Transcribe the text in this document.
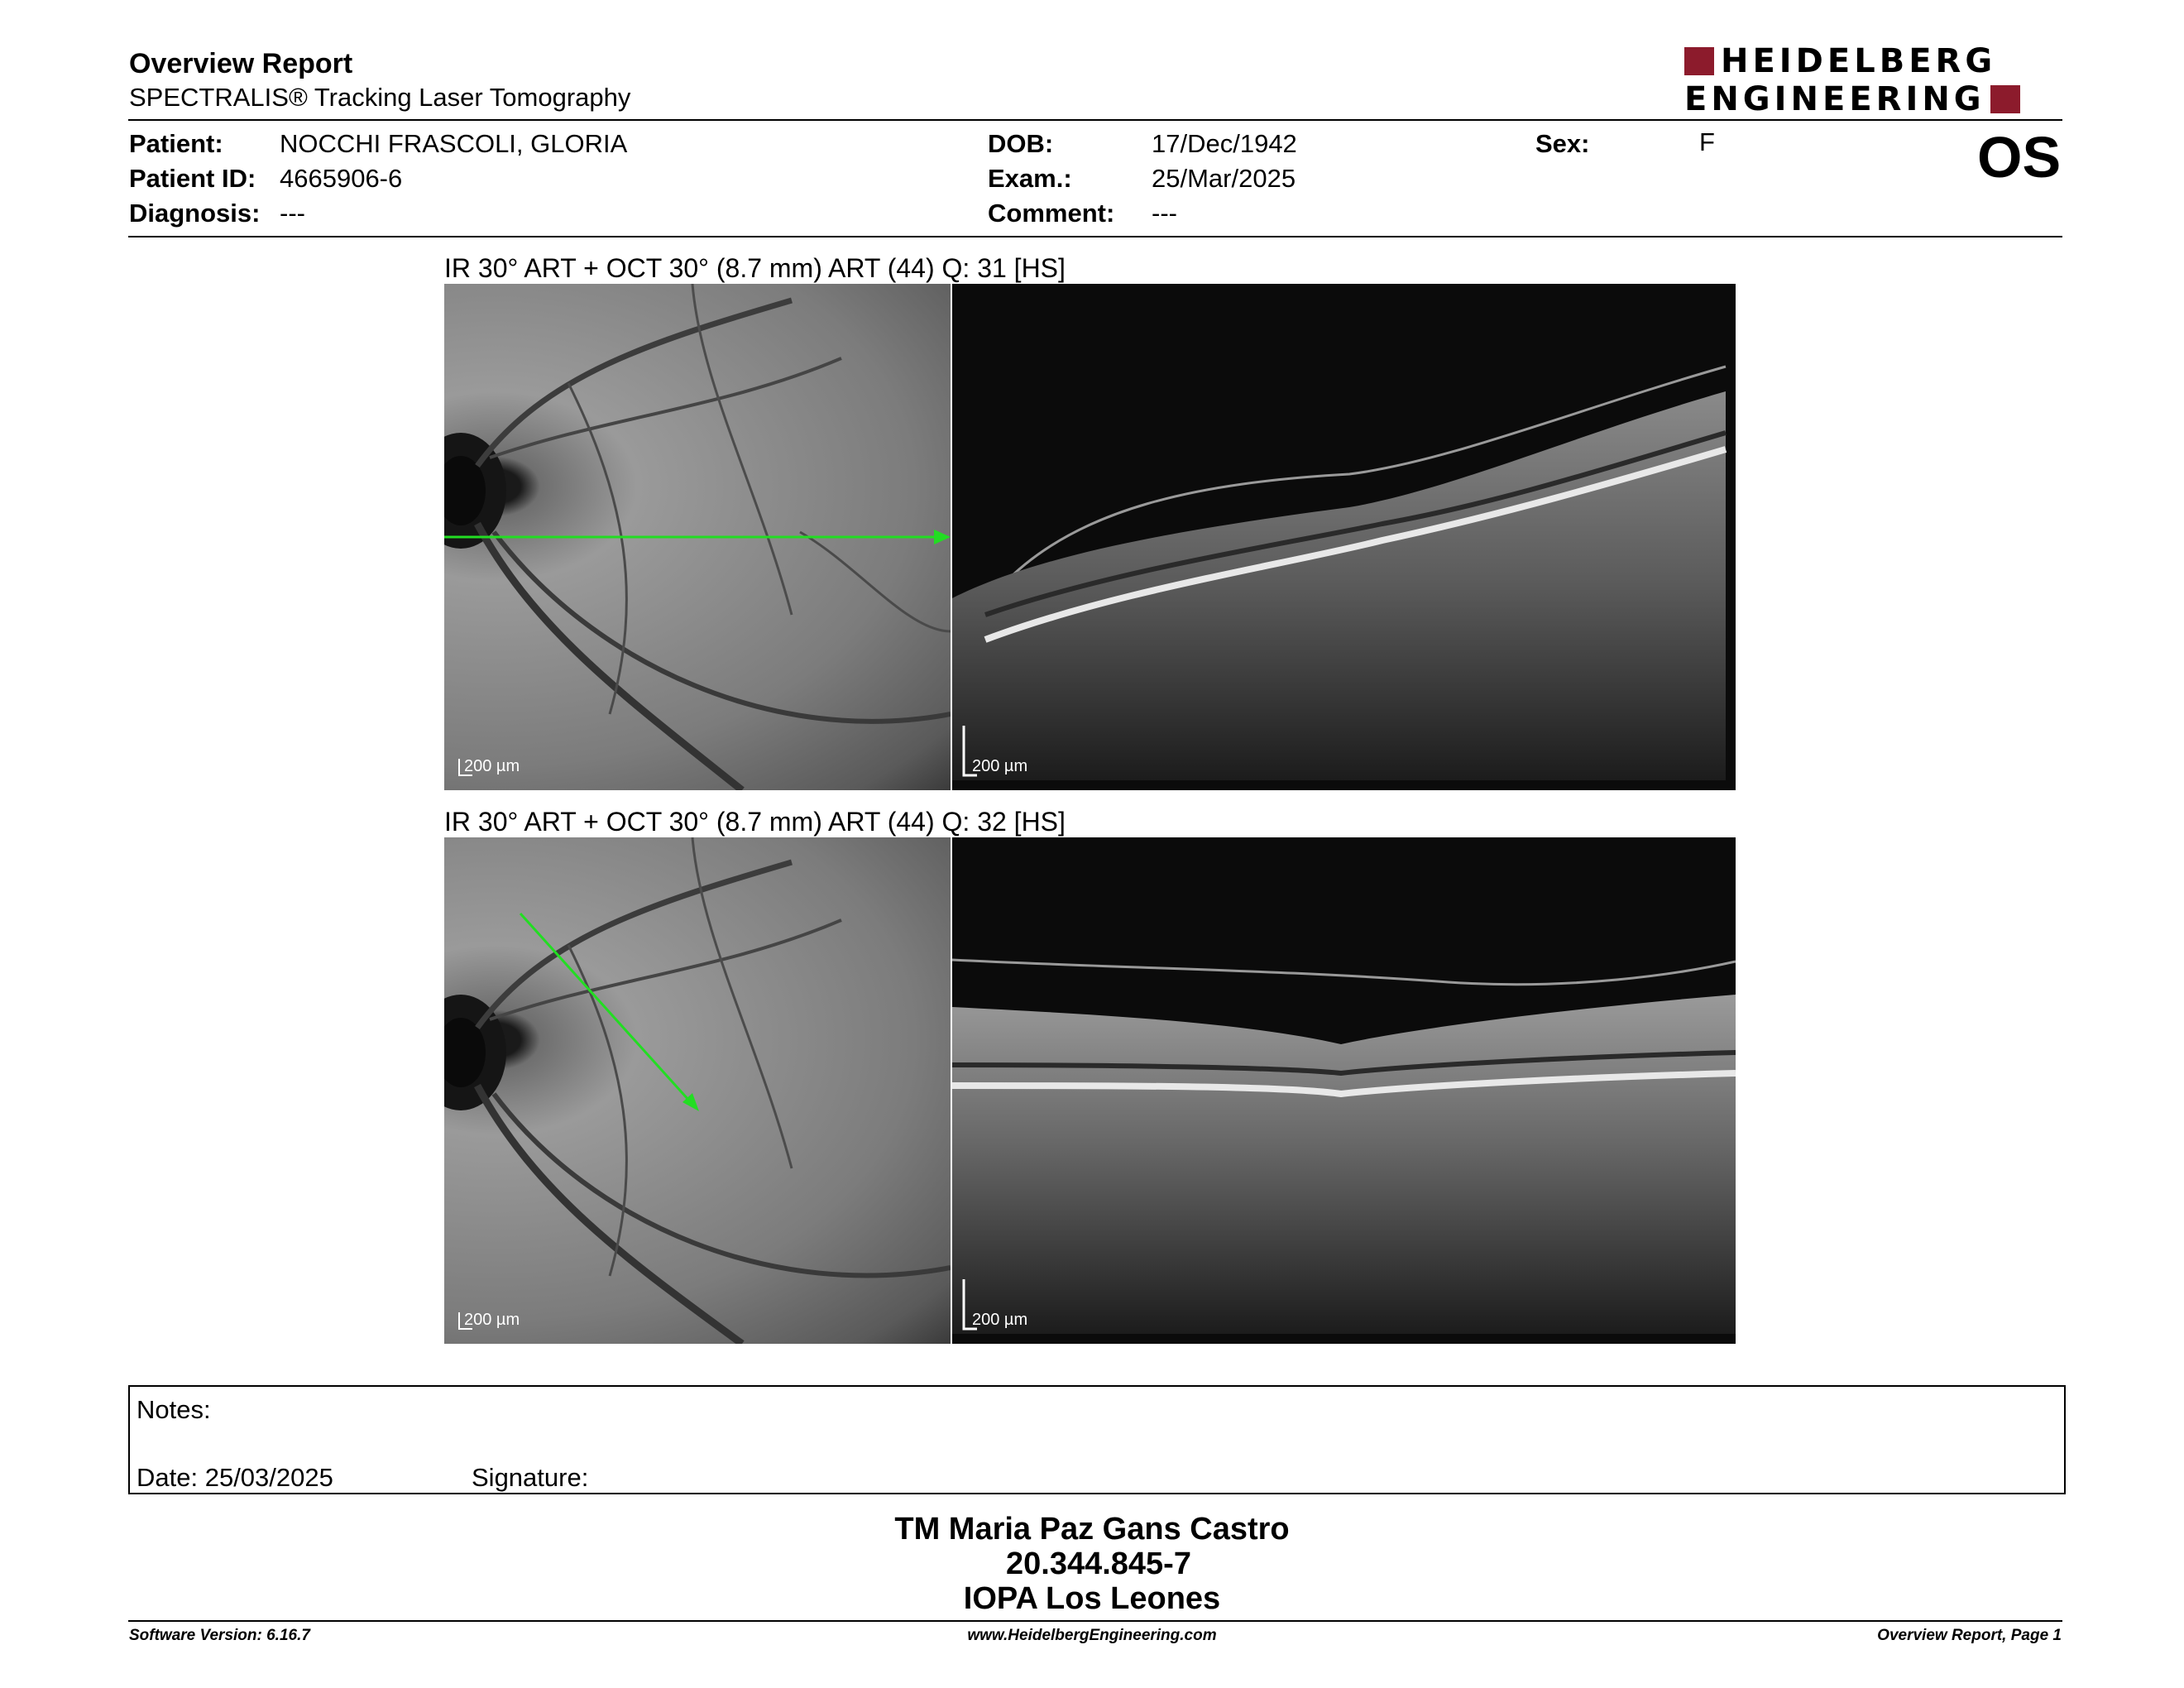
Overview Report
SPECTRALIS® Tracking Laser Tomography
HEIDELBERG
ENGINEERING
Patient: NOCCHI FRASCOLI, GLORIA
Patient ID: 4665906-6
Diagnosis: ---
DOB:	17/Dec/1942
Exam.:	25/Mar/2025
Comment: ---
Sex:	F	OS
IR 30° ART + OCT 30° (8.7 mm) ART (44) Q: 31 [HS]
200 µm	200 µm
IR 30° ART + OCT 30° (8.7 mm) ART (44) Q: 32 [HS]
200 µm	200 µm
Notes:
Date: 25/03/2025	Signature:
TM Maria Paz Gans Castro
20.344.845-7
IOPA Los Leones
Software Version: 6.16.7	www.HeidelbergEngineering.com	Overview Report, Page 1
